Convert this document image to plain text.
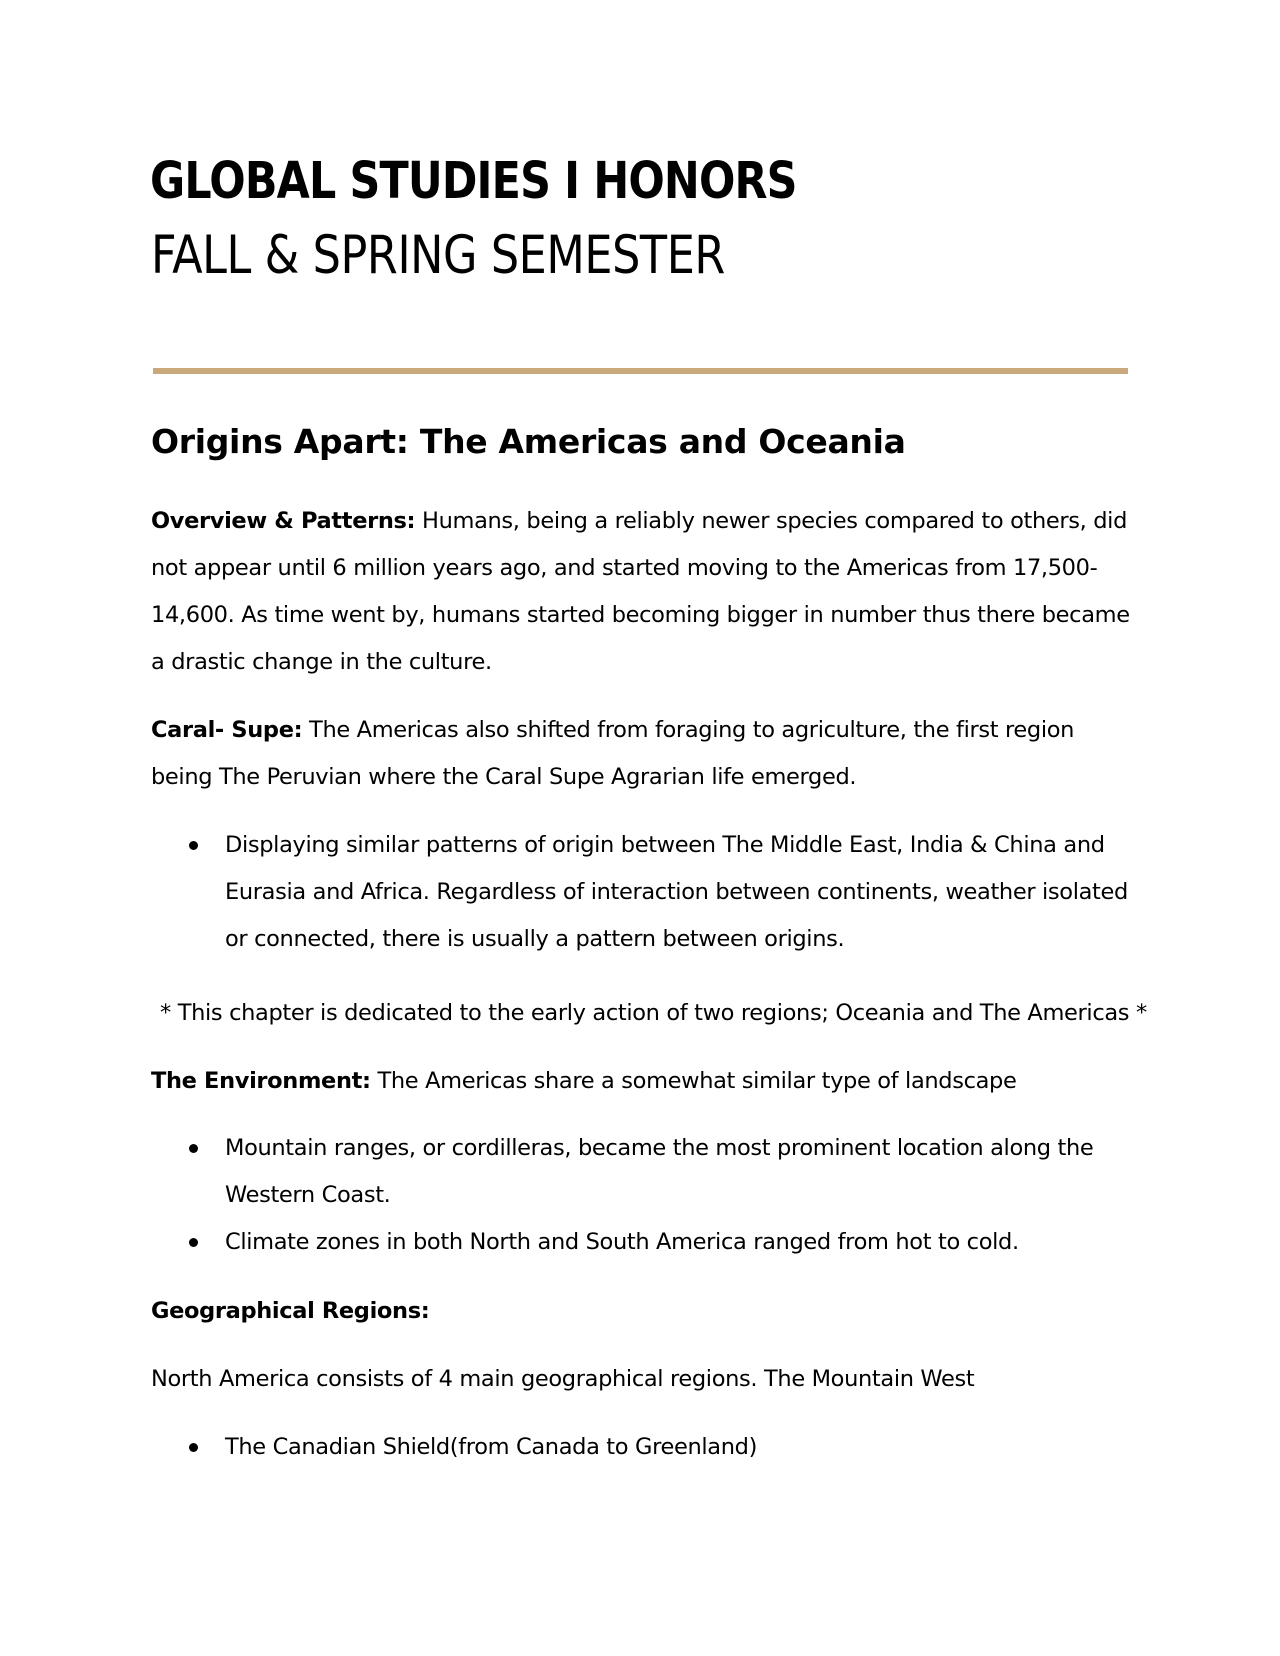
GLOBAL STUDIES I HONORS
FALL & SPRING SEMESTER
Origins Apart: The Americas and Oceania

Overview & Patterns: Humans, being a reliably newer species compared to others, did not appear until 6 million years ago, and started moving to the Americas from 17,500-14,600. As time went by, humans started becoming bigger in number thus there became a drastic change in the culture.

Caral- Supe: The Americas also shifted from foraging to agriculture, the first region being The Peruvian where the Caral Supe Agrarian life emerged.

Displaying similar patterns of origin between The Middle East, India & China and Eurasia and Africa. Regardless of interaction between continents, weather isolated or connected, there is usually a pattern between origins.

* This chapter is dedicated to the early action of two regions; Oceania and The Americas *

The Environment: The Americas share a somewhat similar type of landscape

Mountain ranges, or cordilleras, became the most prominent location along the Western Coast.
Climate zones in both North and South America ranged from hot to cold.

Geographical Regions:

North America consists of 4 main geographical regions. The Mountain West

The Canadian Shield(from Canada to Greenland)
